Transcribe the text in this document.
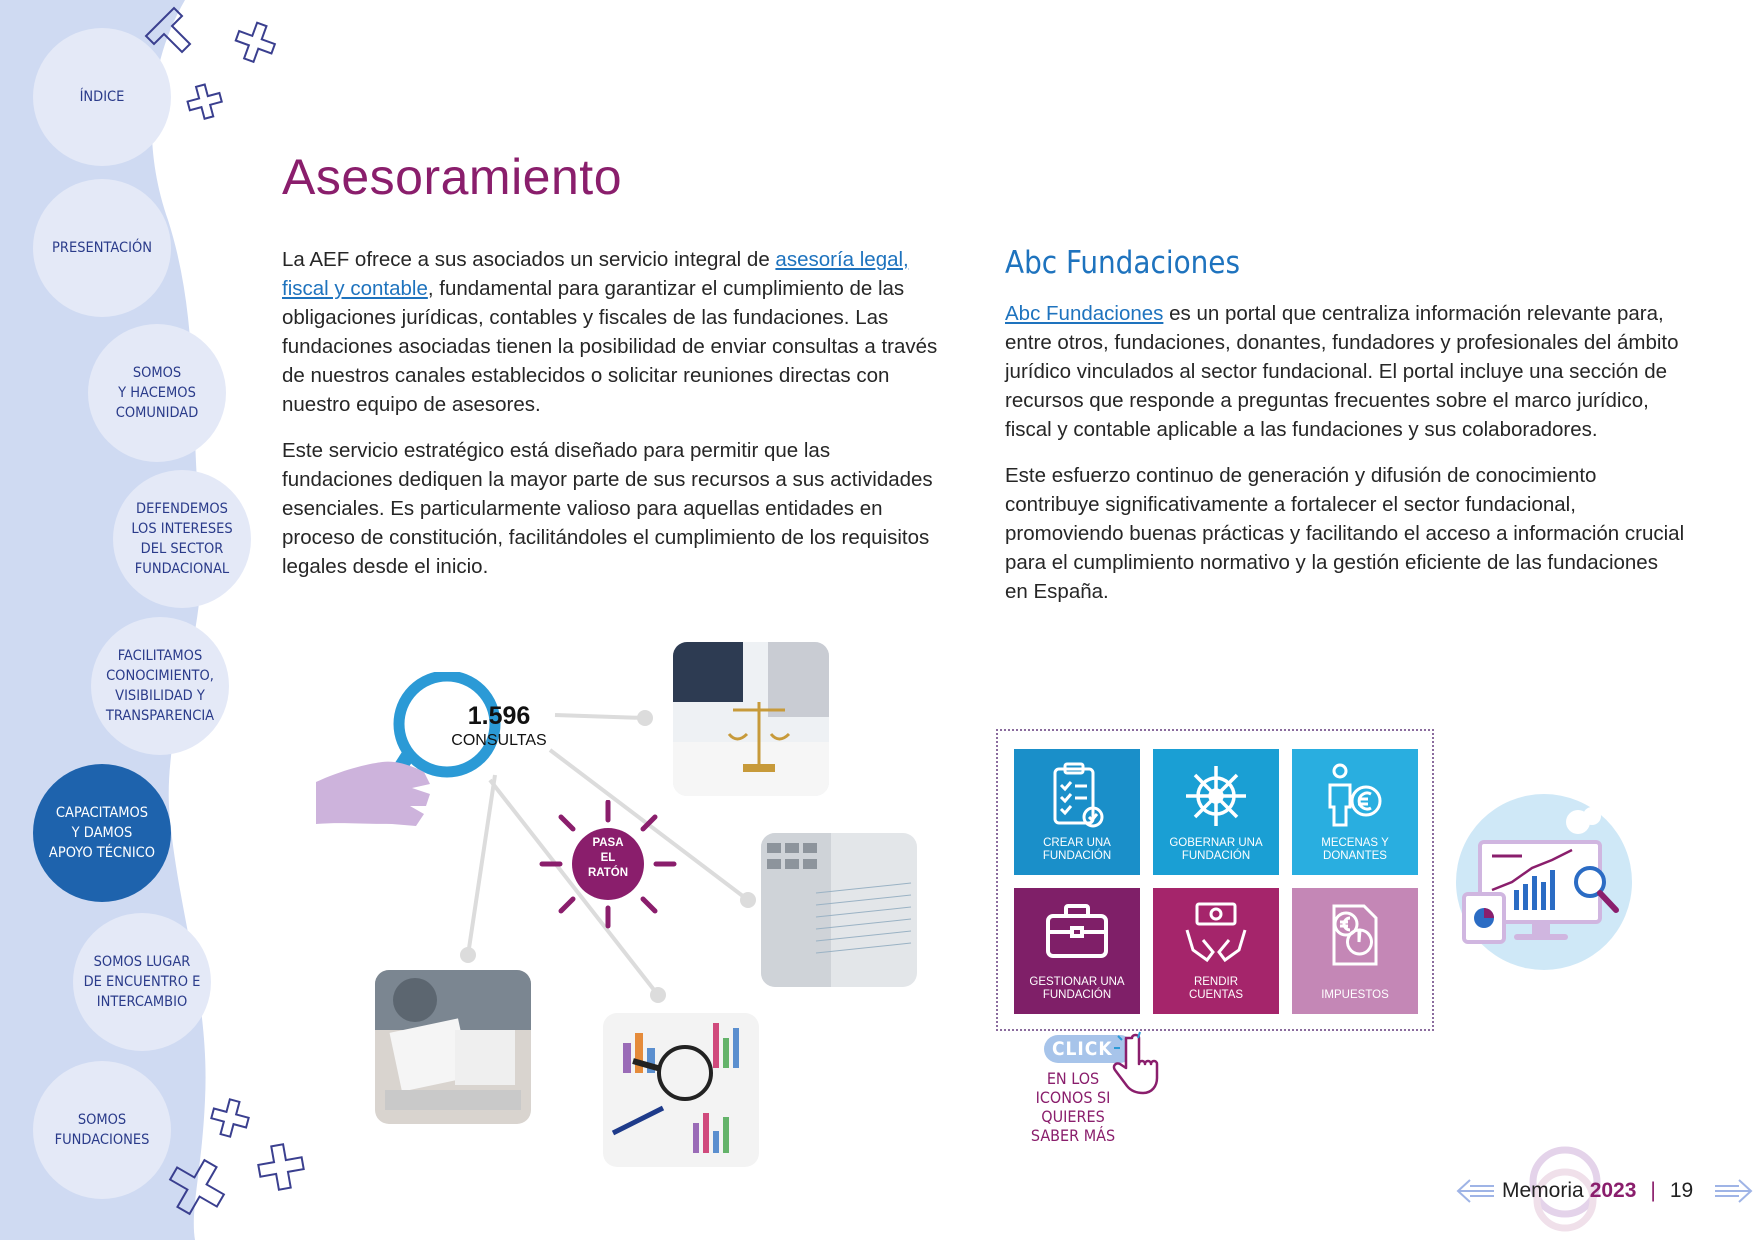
ÍNDICE
PRESENTACIÓN
SOMOS
Y HACEMOS
COMUNIDAD
DEFENDEMOS
LOS INTERESES
DEL SECTOR
FUNDACIONAL
FACILITAMOS
CONOCIMIENTO,
VISIBILIDAD Y
TRANSPARENCIA
CAPACITAMOS
Y DAMOS
APOYO TÉCNICO
SOMOS LUGAR
DE ENCUENTRO E
INTERCAMBIO
SOMOS
FUNDACIONES
Asesoramiento

La AEF ofrece a sus asociados un servicio integral de asesoría legal, fiscal y contable, fundamental para garantizar el cumplimiento de las obligaciones jurídicas, contables y fiscales de las fundaciones. Las fundaciones asociadas tienen la posibilidad de enviar consultas a través de nuestros canales establecidos o solicitar reuniones directas con nuestro equipo de asesores.

Este servicio estratégico está diseñado para permitir que las fundaciones dediquen la mayor parte de sus recursos a sus actividades esenciales. Es particularmente valioso para aquellas entidades en proceso de constitución, facilitándoles el cumplimiento de los requisitos legales desde el inicio.

Abc Fundaciones

Abc Fundaciones es un portal que centraliza información relevante para, entre otros, fundaciones, donantes, fundadores y profesionales del ámbito jurídico vinculados al sector fundacional. El portal incluye una sección de recursos que responde a preguntas frecuentes sobre el marco jurídico, fiscal y contable aplicable a las fundaciones y sus colaboradores.

Este esfuerzo continuo de generación y difusión de conocimiento contribuye significativamente a fortalecer el sector fundacional, promoviendo buenas prácticas y facilitando el acceso a información crucial para el cumplimiento normativo y la gestión eficiente de las fundaciones en España.

1.596
CONSULTAS
PASA
EL
RATÓN
CREAR UNA
FUNDACIÓN
GOBERNAR UNA
FUNDACIÓN
MECENAS Y
DONANTES
GESTIONAR UNA
FUNDACIÓN
RENDIR
CUENTAS	IMPUESTOS
CLICK
EN LOS
ICONOS SI
QUIERES
SABER MÁS
Memoria 2023 | 19
